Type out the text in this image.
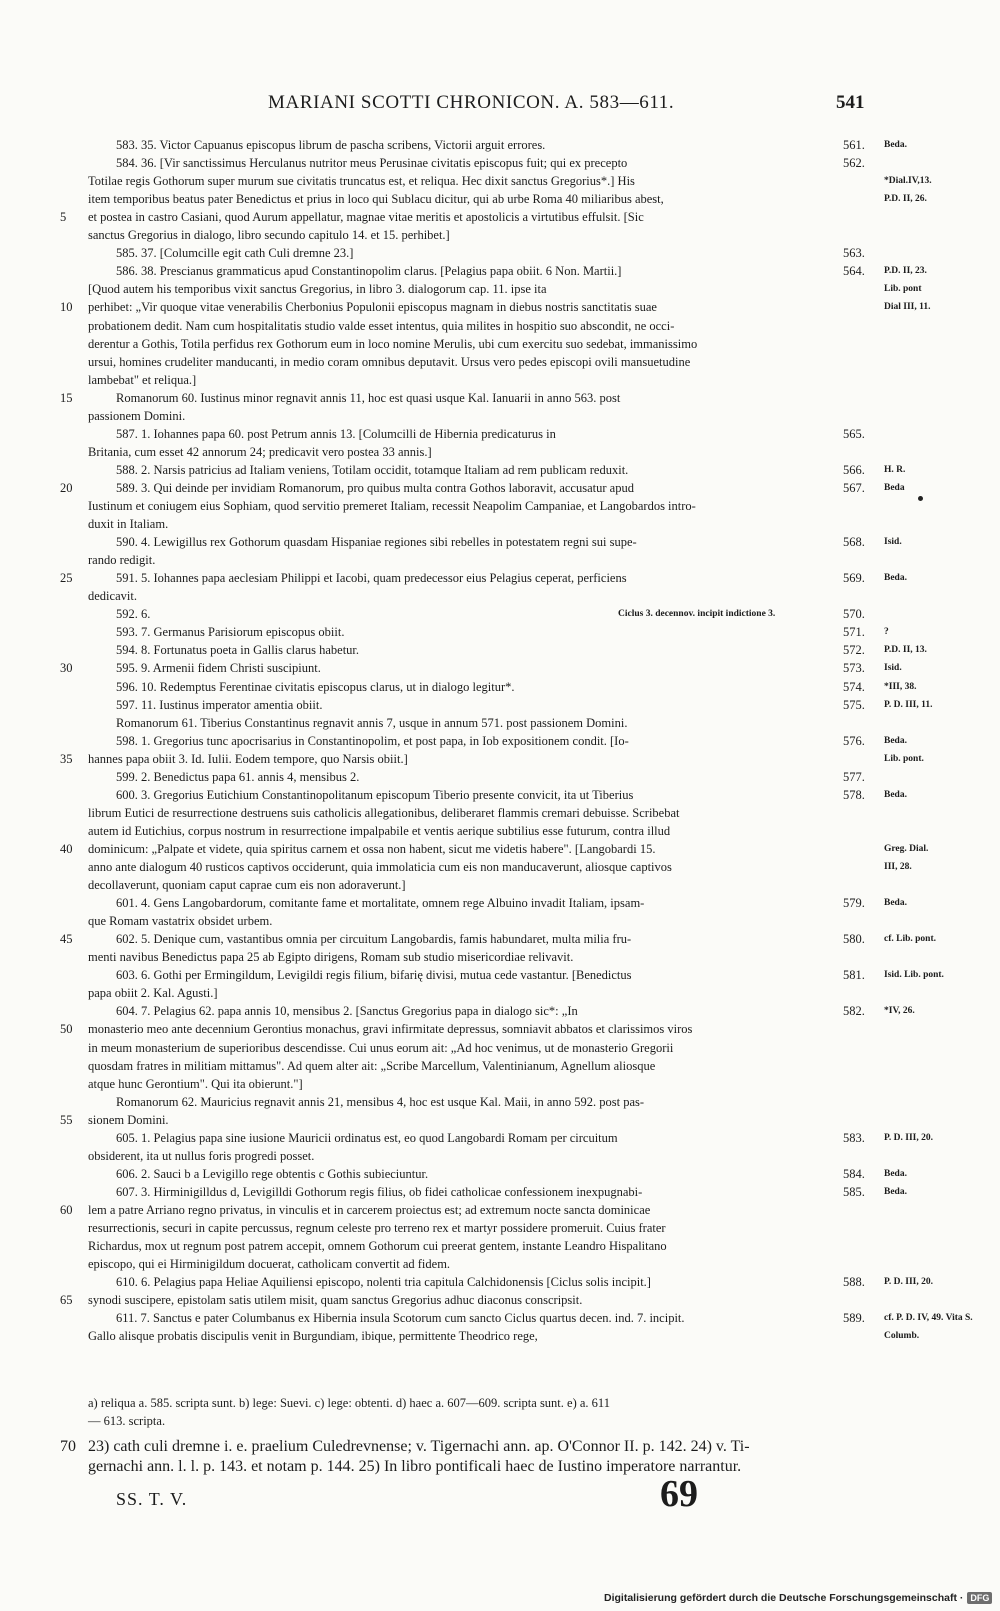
MARIANI SCOTTI CHRONICON. A. 583—611.	541
583. 35. Victor Capuanus episcopus librum de pascha scribens, Victorii arguit errores.	561. Beda.
584. 36. [Vir sanctissimus Herculanus nutritor meus Perusinae civitatis episcopus fuit; qui ex precepto	562.
Totilae regis Gothorum super murum sue civitatis truncatus est, et reliqua. Hec dixit sanctus Gregorius*.] His	*Dial.IV,13.
item temporibus beatus pater Benedictus et prius in loco qui Sublacu dicitur, qui ab urbe Roma 40 miliaribus abest,	P.D. II, 26.
5	et postea in castro Casiani, quod Aurum appellatur, magnae vitae meritis et apostolicis a virtutibus effulsit. [Sic
sanctus Gregorius in dialogo, libro secundo capitulo 14. et 15. perhibet.]
585. 37. [Columcille egit cath Culi dremne 23.]	563.
586. 38. Prescianus grammaticus apud Constantinopolim clarus. [Pelagius papa obiit. 6 Non. Martii.]	564. P.D. II, 23.
[Quod autem his temporibus vixit sanctus Gregorius, in libro 3. dialogorum cap. 11. ipse ita	Lib. pont
10	perhibet: „Vir quoque vitae venerabilis Cherbonius Populonii episcopus magnam in diebus nostris sanctitatis suae	Dial III, 11.
probationem dedit. Nam cum hospitalitatis studio valde esset intentus, quia milites in hospitio suo abscondit, ne occi-
derentur a Gothis, Totila perfidus rex Gothorum eum in loco nomine Merulis, ubi cum exercitu suo sedebat, immanissimo
ursui, homines crudeliter manducanti, in medio coram omnibus deputavit. Ursus vero pedes episcopi ovili mansuetudine
lambebat" et reliqua.]
15	Romanorum 60. Iustinus minor regnavit annis 11, hoc est quasi usque Kal. Ianuarii in anno 563. post
passionem Domini.
587. 1. Iohannes papa 60. post Petrum annis 13. [Columcilli de Hibernia predicaturus in	565.
Britania, cum esset 42 annorum 24; predicavit vero postea 33 annis.]
588. 2. Narsis patricius ad Italiam veniens, Totilam occidit, totamque Italiam ad rem publicam reduxit.	566. H. R.
20	589. 3. Qui deinde per invidiam Romanorum, pro quibus multa contra Gothos laboravit, accusatur apud	567. Beda
Iustinum et coniugem eius Sophiam, quod servitio premeret Italiam, recessit Neapolim Campaniae, et Langobardos intro-
duxit in Italiam.
590. 4. Lewigillus rex Gothorum quasdam Hispaniae regiones sibi rebelles in potestatem regni sui supe-	568. Isid.
rando redigit.
25	591. 5. Iohannes papa aeclesiam Philippi et Iacobi, quam predecessor eius Pelagius ceperat, perficiens	569. Beda.
dedicavit.
592. 6.	Ciclus 3. decennov. incipit indictione 3.	570.
593. 7. Germanus Parisiorum episcopus obiit.	571. ?
594. 8. Fortunatus poeta in Gallis clarus habetur.	572. P.D. II, 13.
30	595. 9. Armenii fidem Christi suscipiunt.	573. Isid.
596. 10. Redemptus Ferentinae civitatis episcopus clarus, ut in dialogo legitur*.	574. *III, 38.
597. 11. Iustinus imperator amentia obiit.	575. P. D. III, 11.
Romanorum 61. Tiberius Constantinus regnavit annis 7, usque in annum 571. post passionem Domini.
598. 1. Gregorius tunc apocrisarius in Constantinopolim, et post papa, in Iob expositionem condit. [Io-	576. Beda.
35	hannes papa obiit 3. Id. Iulii. Eodem tempore, quo Narsis obiit.]	Lib. pont.
599. 2. Benedictus papa 61. annis 4, mensibus 2.	577.
600. 3. Gregorius Eutichium Constantinopolitanum episcopum Tiberio presente convicit, ita ut Tiberius	578. Beda.
librum Eutici de resurrectione destruens suis catholicis allegationibus, deliberaret flammis cremari debuisse. Scribebat
autem id Eutichius, corpus nostrum in resurrectione impalpabile et ventis aerique subtilius esse futurum, contra illud
40	dominicum: „Palpate et videte, quia spiritus carnem et ossa non habent, sicut me videtis habere". [Langobardi 15.	Greg. Dial.
anno ante dialogum 40 rusticos captivos occiderunt, quia immolaticia cum eis non manducaverunt, aliosque captivos	III, 28.
decollaverunt, quoniam caput caprae cum eis non adoraverunt.]
601. 4. Gens Langobardorum, comitante fame et mortalitate, omnem rege Albuino invadit Italiam, ipsam-	579. Beda.
que Romam vastatrix obsidet urbem.
45	602. 5. Denique cum, vastantibus omnia per circuitum Langobardis, famis habundaret, multa milia fru-	580. cf. Lib. pont.
menti navibus Benedictus papa 25 ab Egipto dirigens, Romam sub studio misericordiae relivavit.
603. 6. Gothi per Ermingildum, Levigildi regis filium, bifarię divisi, mutua cede vastantur. [Benedictus	581. Isid. Lib. pont.
papa obiit 2. Kal. Agusti.]
604. 7. Pelagius 62. papa annis 10, mensibus 2. [Sanctus Gregorius papa in dialogo sic*: „In	582. *IV, 26.
50	monasterio meo ante decennium Gerontius monachus, gravi infirmitate depressus, somniavit abbatos et clarissimos viros
in meum monasterium de superioribus descendisse. Cui unus eorum ait: „Ad hoc venimus, ut de monasterio Gregorii
quosdam fratres in militiam mittamus". Ad quem alter ait: „Scribe Marcellum, Valentinianum, Agnellum aliosque
atque hunc Gerontium". Qui ita obierunt."]
Romanorum 62. Mauricius regnavit annis 21, mensibus 4, hoc est usque Kal. Maii, in anno 592. post pas-
55	sionem Domini.
605. 1. Pelagius papa sine iusione Mauricii ordinatus est, eo quod Langobardi Romam per circuitum	583. P. D. III, 20.
obsiderent, ita ut nullus foris progredi posset.
606. 2. Sauci b a Levigillo rege obtentis c Gothis subieciuntur.	584. Beda.
607. 3. Hirminigilldus d, Levigilldi Gothorum regis filius, ob fidei catholicae confessionem inexpugnabi-	585. Beda.
60	lem a patre Arriano regno privatus, in vinculis et in carcerem proiectus est; ad extremum nocte sancta dominicae
resurrectionis, securi in capite percussus, regnum celeste pro terreno rex et martyr possidere promeruit. Cuius frater
Richardus, mox ut regnum post patrem accepit, omnem Gothorum cui preerat gentem, instante Leandro Hispalitano
episcopo, qui ei Hirminigildum docuerat, catholicam convertit ad fidem.
610. 6. Pelagius papa Heliae Aquiliensi episcopo, nolenti tria capitula Calchidonensis [Ciclus solis incipit.]	588. P. D. III, 20.
65	synodi suscipere, epistolam satis utilem misit, quam sanctus Gregorius adhuc diaconus conscripsit.
611. 7. Sanctus e pater Columbanus ex Hibernia insula Scotorum cum sancto Ciclus quartus decen. ind. 7. incipit.	589. cf. P. D. IV, 49. Vita S.
Gallo alisque probatis discipulis venit in Burgundiam, ibique, permittente Theodrico rege,	Columb.
a) reliqua a. 585. scripta sunt. b) lege: Suevi. c) lege: obtenti. d) haec a. 607—609. scripta sunt. e) a. 611
— 613. scripta.
70 23) cath culi dremne i. e. praelium Culedrevnense; v. Tigernachi ann. ap. O'Connor II. p. 142. 24) v. Ti-
gernachi ann. l. l. p. 143. et notam p. 144. 25) In libro pontificali haec de Iustino imperatore narrantur.
SS. T. V.	69
Digitalisierung gefördert durch die Deutsche Forschungsgemeinschaft · DFG
